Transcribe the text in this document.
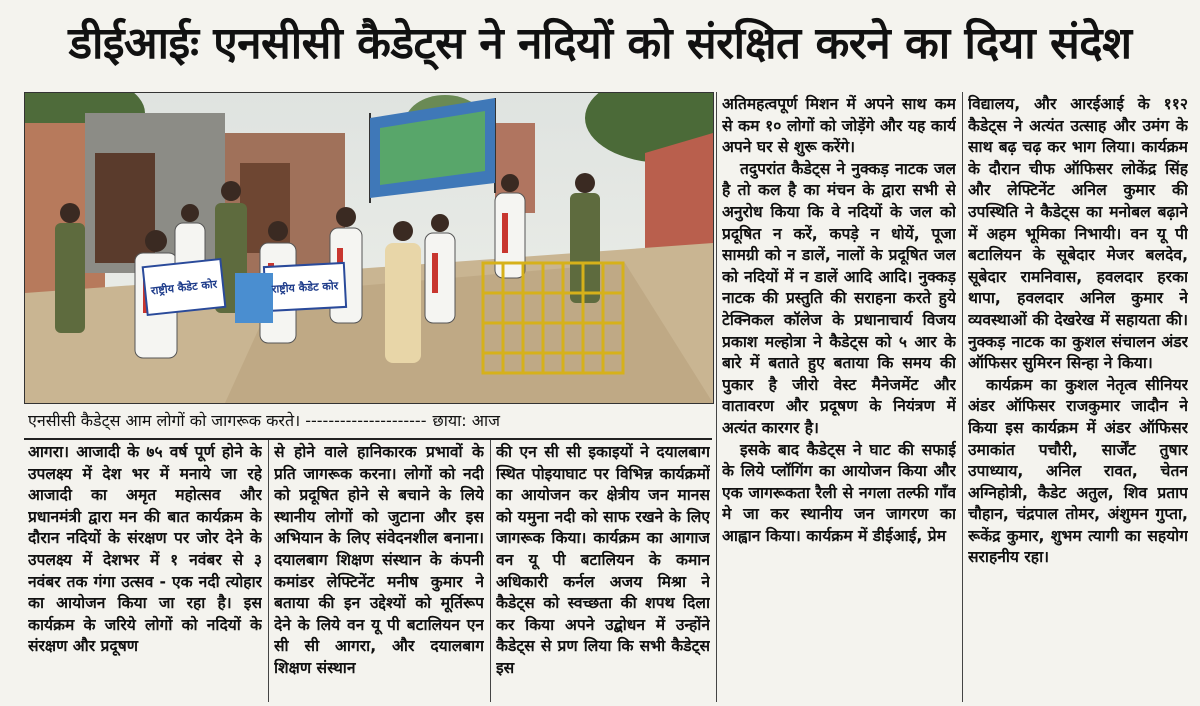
डीईआईः एनसीसी कैडेट्स ने नदियों को संरक्षित करने का दिया संदेश
राष्ट्रीय कैडेट कोर	राष्ट्रीय कैडेट कोर
एनसीसी कैडेट्स आम लोगों को जागरूक करते। --------------------- छाया: आज

आगरा। आजादी के ७५ वर्ष पूर्ण होने के उपलक्ष्य में देश भर में मनाये जा रहे आजादी का अमृत महोत्सव और प्रधानमंत्री द्वारा मन की बात कार्यक्रम के दौरान नदियों के संरक्षण पर जोर देने के उपलक्ष्य में देशभर में १ नवंबर से ३ नवंबर तक गंगा उत्सव - एक नदी त्योहार का आयोजन किया जा रहा है। इस कार्यक्रम के जरिये लोगों को नदियों के संरक्षण और प्रदूषण

से होने वाले हानिकारक प्रभावों के प्रति जागरूक करना। लोगों को नदी को प्रदूषित होने से बचाने के लिये स्थानीय लोगों को जुटाना और इस अभियान के लिए संवेदनशील बनाना। दयालबाग शिक्षण संस्थान के कंपनी कमांडर लेफ्टिनेंट मनीष कुमार ने बताया की इन उद्देश्यों को मूर्तिरूप देने के लिये वन यू पी बटालियन एन सी सी आगरा, और दयालबाग शिक्षण संस्थान

की एन सी सी इकाइयों ने दयालबाग स्थित पोइयाघाट पर विभिन्न कार्यक्रमों का आयोजन कर क्षेत्रीय जन मानस को यमुना नदी को साफ रखने के लिए जागरूक किया। कार्यक्रम का आगाज वन यू पी बटालियन के कमान अधिकारी कर्नल अजय मिश्रा ने कैडेट्स को स्वच्छता की शपथ दिला कर किया अपने उद्बोधन में उन्होंने कैडेट्स से प्रण लिया कि सभी कैडेट्स इस

अतिमहत्वपूर्ण मिशन में अपने साथ कम से कम १० लोगों को जोड़ेंगे और यह कार्य अपने घर से शुरू करेंगे।

तदुपरांत कैडेट्स ने नुक्कड़ नाटक जल है तो कल है का मंचन के द्वारा सभी से अनुरोध किया कि वे नदियों के जल को प्रदूषित न करें, कपड़े न धोयें, पूजा सामग्री को न डालें, नालों के प्रदूषित जल को नदियों में न डालें आदि आदि। नुक्कड़ नाटक की प्रस्तुति की सराहना करते हुये टेक्निकल कॉलेज के प्रधानाचार्य विजय प्रकाश मल्होत्रा ने कैडेट्स को ५ आर के बारे में बताते हुए बताया कि समय की पुकार है जीरो वेस्ट मैनेजमेंट और वातावरण और प्रदूषण के नियंत्रण में अत्यंत कारगर है।

इसके बाद कैडेट्स ने घाट की सफाई के लिये प्लॉगिंग का आयोजन किया और एक जागरूकता रैली से नगला तल्फी गाँव मे जा कर स्थानीय जन जागरण का आह्वान किया। कार्यक्रम में डीईआई, प्रेम

विद्यालय, और आरईआई के ११२ कैडेट्स ने अत्यंत उत्साह और उमंग के साथ बढ़ चढ़ कर भाग लिया। कार्यक्रम के दौरान चीफ ऑफिसर लोकेंद्र सिंह और लेफ्टिनेंट अनिल कुमार की उपस्थिति ने कैडेट्स का मनोबल बढ़ाने में अहम भूमिका निभायी। वन यू पी बटालियन के सूबेदार मेजर बलदेव, सूबेदार रामनिवास, हवलदार हरका थापा, हवलदार अनिल कुमार ने व्यवस्थाओं की देखरेख में सहायता की। नुक्कड़ नाटक का कुशल संचालन अंडर ऑफिसर सुमिरन सिन्हा ने किया।

कार्यक्रम का कुशल नेतृत्व सीनियर अंडर ऑफिसर राजकुमार जादौन ने किया इस कार्यक्रम में अंडर ऑफिसर उमाकांत पचौरी, सार्जेंट तुषार उपाध्याय, अनिल रावत, चेतन अग्निहोत्री, कैडेट अतुल, शिव प्रताप चौहान, चंद्रपाल तोमर, अंशुमन गुप्ता, रूकेंद्र कुमार, शुभम त्यागी का सहयोग सराहनीय रहा।
